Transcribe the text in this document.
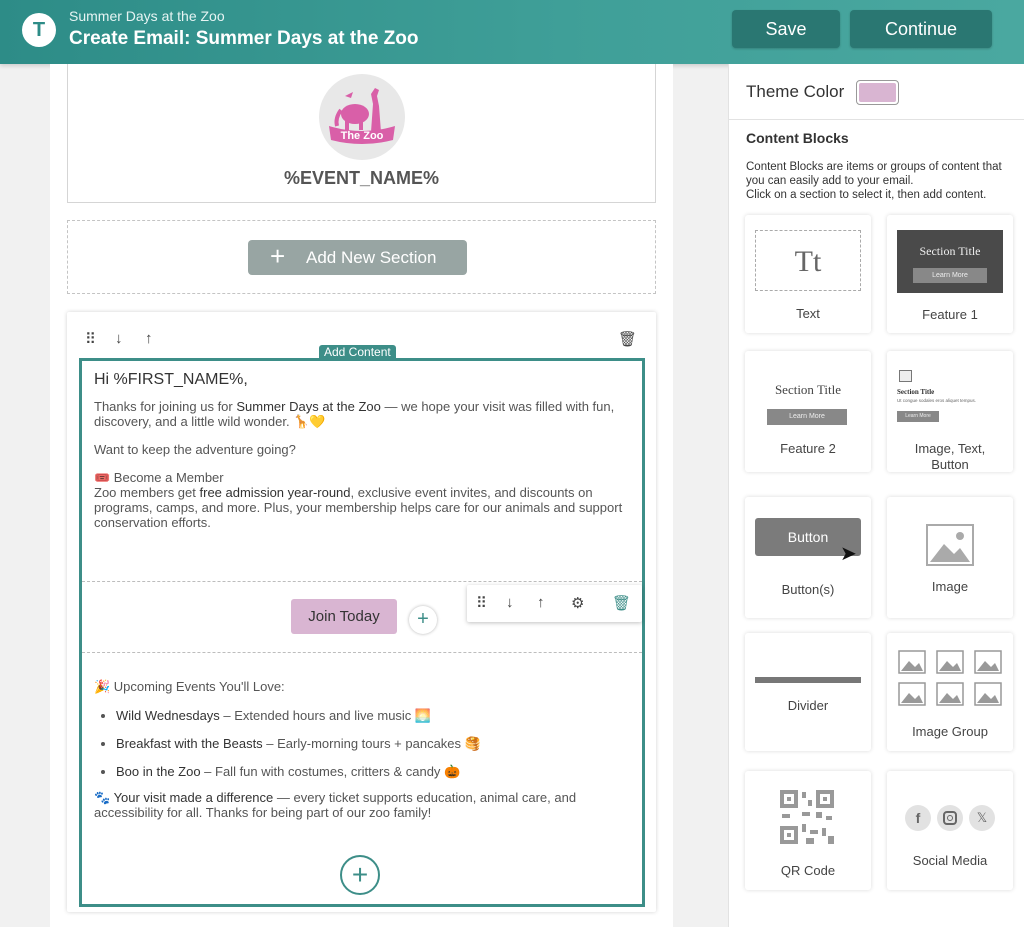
T
Summer Days at the Zoo
Create Email: Summer Days at the Zoo	Save	Continue
The Zoo
%EVENT_NAME%
+ Add New Section
⠿ ↓ ↑	🗑
Add Content
Hi %FIRST_NAME%,
Thanks for joining us for Summer Days at the Zoo — we hope your visit was filled with fun, discovery, and a little wild wonder. 🦒💛
Want to keep the adventure going?
🎟️ Become a Member
Zoo members get free admission year-round, exclusive event invites, and discounts on programs, camps, and more. Plus, your membership helps care for our animals and support conservation efforts.
Join Today	+
⠿ ↓ ↑ ⚙ 🗑
🎉 Upcoming Events You'll Love:
• Wild Wednesdays – Extended hours and live music 🌅
• Breakfast with the Beasts – Early-morning tours + pancakes 🥞
• Boo in the Zoo – Fall fun with costumes, critters & candy 🎃
🐾 Your visit made a difference — every ticket supports education, animal care, and accessibility for all. Thanks for being part of our zoo family!
+
Theme Color
Content Blocks
Content Blocks are items or groups of content that you can easily add to your email.
Click on a section to select it, then add content.
Tt
Text
Section Title
Learn More
Feature 1
Section Title
Learn More
Feature 2
Section Title
Ut congue sodales eros aliquet tempus.
Learn More
Image, Text, Button
Button
➤
Button(s)	Image
Divider
Image Group
QR Code
f	𝕏
Social Media
